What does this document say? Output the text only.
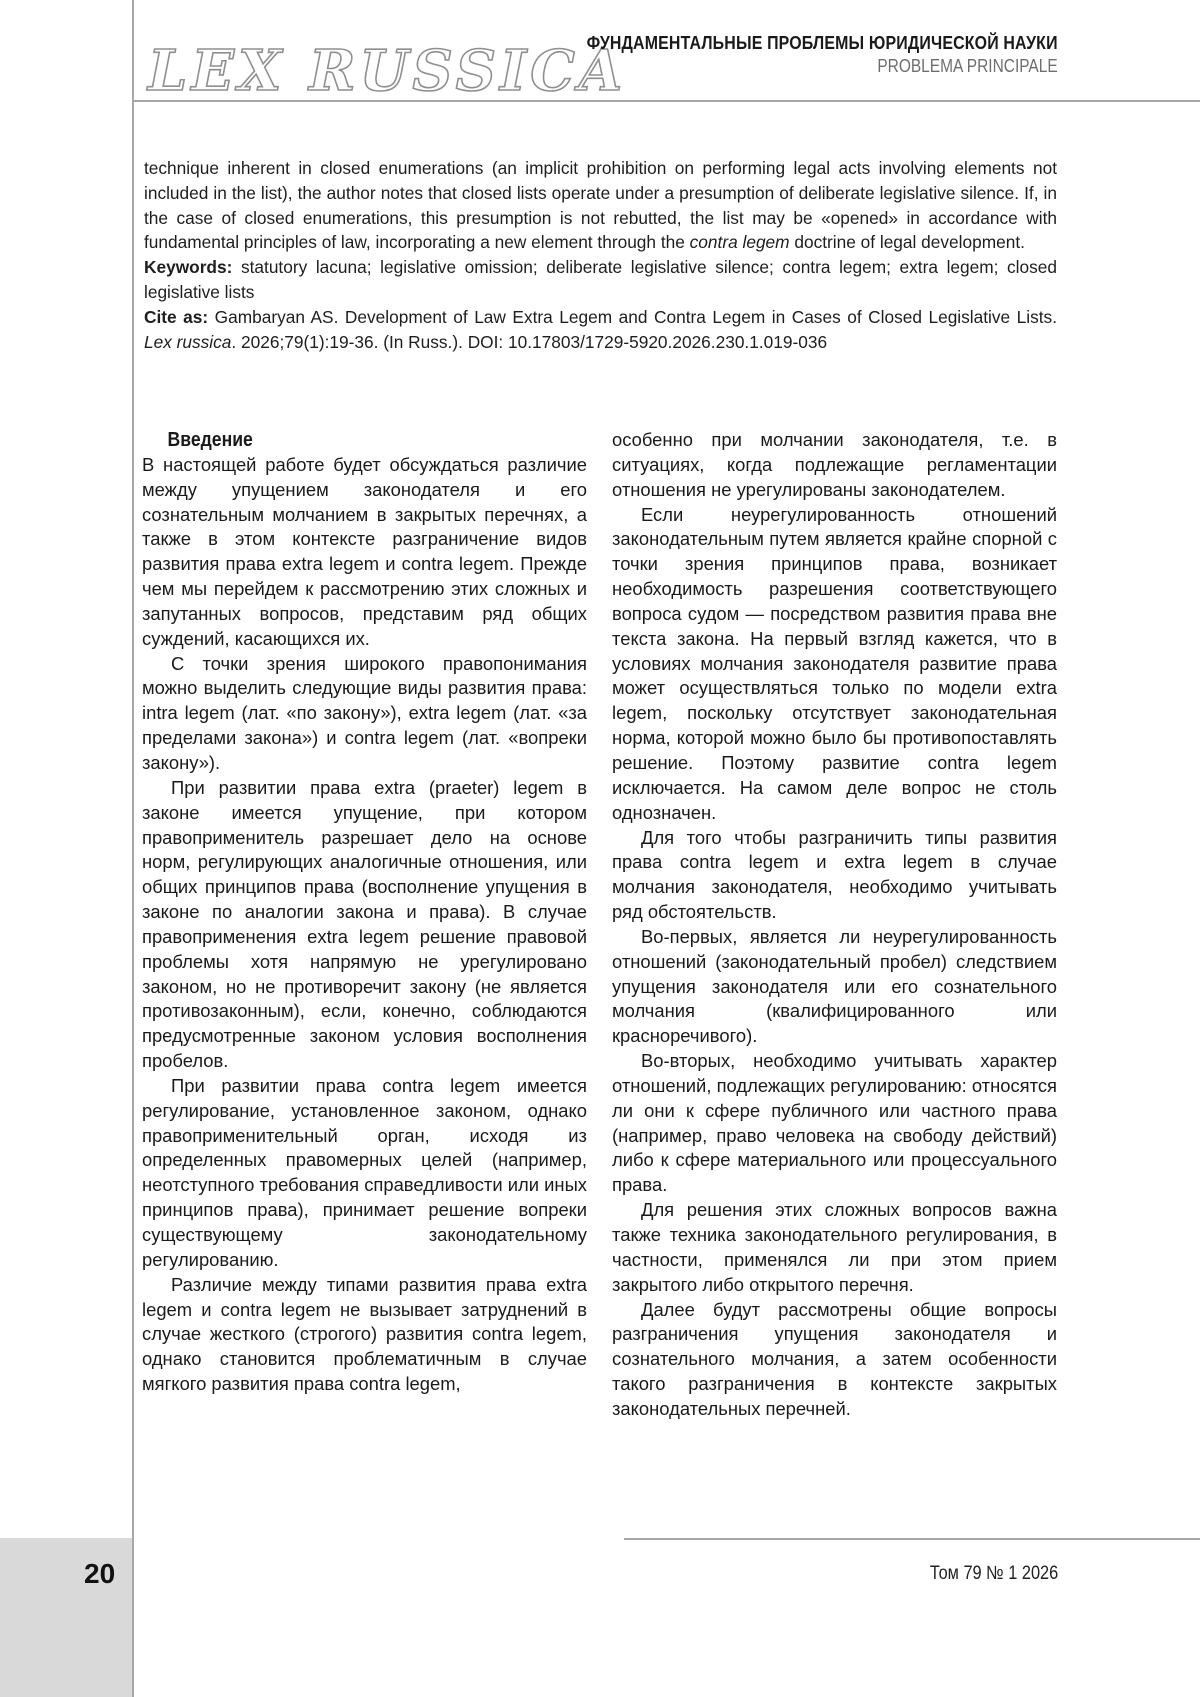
LEX RUSSICA
ФУНДАМЕНТАЛЬНЫЕ ПРОБЛЕМЫ ЮРИДИЧЕСКОЙ НАУКИ
PROBLEMA PRINCIPALE

technique inherent in closed enumerations (an implicit prohibition on performing legal acts involving elements not included in the list), the author notes that closed lists operate under a presumption of deliberate legislative silence. If, in the case of closed enumerations, this presumption is not rebutted, the list may be «opened» in accordance with fundamental principles of law, incorporating a new element through the contra legem doctrine of legal development.

Keywords: statutory lacuna; legislative omission; deliberate legislative silence; contra legem; extra legem; closed legislative lists

Cite as: Gambaryan AS. Development of Law Extra Legem and Contra Legem in Cases of Closed Legislative Lists. Lex russica. 2026;79(1):19-36. (In Russ.). DOI: 10.17803/1729-5920.2026.230.1.019-036

Введение

В настоящей работе будет обсуждаться различие между упущением законодателя и его сознательным молчанием в закрытых перечнях, а также в этом контексте разграничение видов развития права extra legem и contra legem. Прежде чем мы перейдем к рассмотрению этих сложных и запутанных вопросов, представим ряд общих суждений, касающихся их.

С точки зрения широкого правопонимания можно выделить следующие виды развития права: intra legem (лат. «по закону»), extra legem (лат. «за пределами закона») и contra legem (лат. «вопреки закону»).

При развитии права extra (praeter) legem в законе имеется упущение, при котором правоприменитель разрешает дело на основе норм, регулирующих аналогичные отношения, или общих принципов права (восполнение упущения в законе по аналогии закона и права). В случае правоприменения extra legem решение правовой проблемы хотя напрямую не урегулировано законом, но не противоречит закону (не является противозаконным), если, конечно, соблюдаются предусмотренные законом условия восполнения пробелов.

При развитии права contra legem имеется регулирование, установленное законом, однако правоприменительный орган, исходя из определенных правомерных целей (например, неотступного требования справедливости или иных принципов права), принимает решение вопреки существующему законодательному регулированию.

Различие между типами развития права extra legem и contra legem не вызывает затруднений в случае жесткого (строгого) развития contra legem, однако становится проблематичным в случае мягкого развития права contra legem,

особенно при молчании законодателя, т.е. в ситуациях, когда подлежащие регламентации отношения не урегулированы законодателем.

Если неурегулированность отношений законодательным путем является крайне спорной с точки зрения принципов права, возникает необходимость разрешения соответствующего вопроса судом — посредством развития права вне текста закона. На первый взгляд кажется, что в условиях молчания законодателя развитие права может осуществляться только по модели extra legem, поскольку отсутствует законодательная норма, которой можно было бы противопоставлять решение. Поэтому развитие contra legem исключается. На самом деле вопрос не столь однозначен.

Для того чтобы разграничить типы развития права contra legem и extra legem в случае молчания законодателя, необходимо учитывать ряд обстоятельств.

Во-первых, является ли неурегулированность отношений (законодательный пробел) следствием упущения законодателя или его сознательного молчания (квалифицированного или красноречивого).

Во-вторых, необходимо учитывать характер отношений, подлежащих регулированию: относятся ли они к сфере публичного или частного права (например, право человека на свободу действий) либо к сфере материального или процессуального права.

Для решения этих сложных вопросов важна также техника законодательного регулирования, в частности, применялся ли при этом прием закрытого либо открытого перечня.

Далее будут рассмотрены общие вопросы разграничения упущения законодателя и сознательного молчания, а затем особенности такого разграничения в контексте закрытых законодательных перечней.

20	Том 79 № 1 2026
